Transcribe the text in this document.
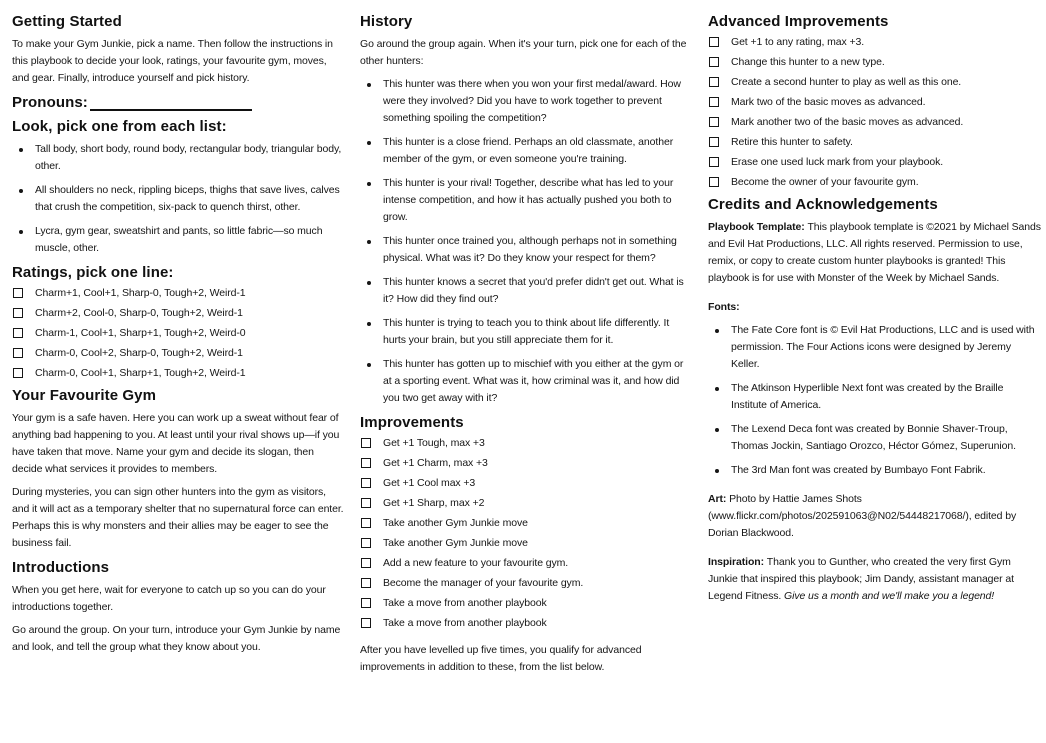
Getting Started

To make your Gym Junkie, pick a name. Then follow the instructions in this playbook to decide your look, ratings, your favourite gym, moves, and gear. Finally, introduce yourself and pick history.

Pronouns:
Look, pick one from each list:
Tall body, short body, round body, rectangular body, triangular body, other.
All shoulders no neck, rippling biceps, thighs that save lives, calves that crush the competition, six-pack to quench thirst, other.
Lycra, gym gear, sweatshirt and pants, so little fabric—so much muscle, other.
Ratings, pick one line:
Charm+1, Cool+1, Sharp-0, Tough+2, Weird-1
Charm+2, Cool-0, Sharp-0, Tough+2, Weird-1
Charm-1, Cool+1, Sharp+1, Tough+2, Weird-0
Charm-0, Cool+2, Sharp-0, Tough+2, Weird-1
Charm-0, Cool+1, Sharp+1, Tough+2, Weird-1
Your Favourite Gym

Your gym is a safe haven. Here you can work up a sweat without fear of anything bad happening to you. At least until your rival shows up—if you have taken that move. Name your gym and decide its slogan, then decide what services it provides to members.

During mysteries, you can sign other hunters into the gym as visitors, and it will act as a temporary shelter that no supernatural force can enter. Perhaps this is why monsters and their allies may be eager to see the business fail.

Introductions

When you get here, wait for everyone to catch up so you can do your introductions together.

Go around the group. On your turn, introduce your Gym Junkie by name and look, and tell the group what they know about you.

History

Go around the group again. When it's your turn, pick one for each of the other hunters:

This hunter was there when you won your first medal/award. How were they involved? Did you have to work together to prevent something spoiling the competition?
This hunter is a close friend. Perhaps an old classmate, another member of the gym, or even someone you're training.
This hunter is your rival! Together, describe what has led to your intense competition, and how it has actually pushed you both to grow.
This hunter once trained you, although perhaps not in something physical. What was it? Do they know your respect for them?
This hunter knows a secret that you'd prefer didn't get out. What is it? How did they find out?
This hunter is trying to teach you to think about life differently. It hurts your brain, but you still appreciate them for it.
This hunter has gotten up to mischief with you either at the gym or at a sporting event. What was it, how criminal was it, and how did you two get away with it?
Improvements
Get +1 Tough, max +3
Get +1 Charm, max +3
Get +1 Cool max +3
Get +1 Sharp, max +2
Take another Gym Junkie move
Take another Gym Junkie move
Add a new feature to your favourite gym.
Become the manager of your favourite gym.
Take a move from another playbook
Take a move from another playbook

After you have levelled up five times, you qualify for advanced improvements in addition to these, from the list below.

Advanced Improvements
Get +1 to any rating, max +3.
Change this hunter to a new type.
Create a second hunter to play as well as this one.
Mark two of the basic moves as advanced.
Mark another two of the basic moves as advanced.
Retire this hunter to safety.
Erase one used luck mark from your playbook.
Become the owner of your favourite gym.
Credits and Acknowledgements

Playbook Template: This playbook template is ©2021 by Michael Sands and Evil Hat Productions, LLC. All rights reserved. Permission to use, remix, or copy to create custom hunter playbooks is granted! This playbook is for use with Monster of the Week by Michael Sands.

Fonts:

The Fate Core font is © Evil Hat Productions, LLC and is used with permission. The Four Actions icons were designed by Jeremy Keller.
The Atkinson Hyperlible Next font was created by the Braille Institute of America.
The Lexend Deca font was created by Bonnie Shaver-Troup, Thomas Jockin, Santiago Orozco, Héctor Gómez, Superunion.
The 3rd Man font was created by Bumbayo Font Fabrik.

Art: Photo by Hattie James Shots (www.flickr.com/photos/202591063@N02/54448217068/), edited by Dorian Blackwood.

Inspiration: Thank you to Gunther, who created the very first Gym Junkie that inspired this playbook; Jim Dandy, assistant manager at Legend Fitness. Give us a month and we'll make you a legend!
